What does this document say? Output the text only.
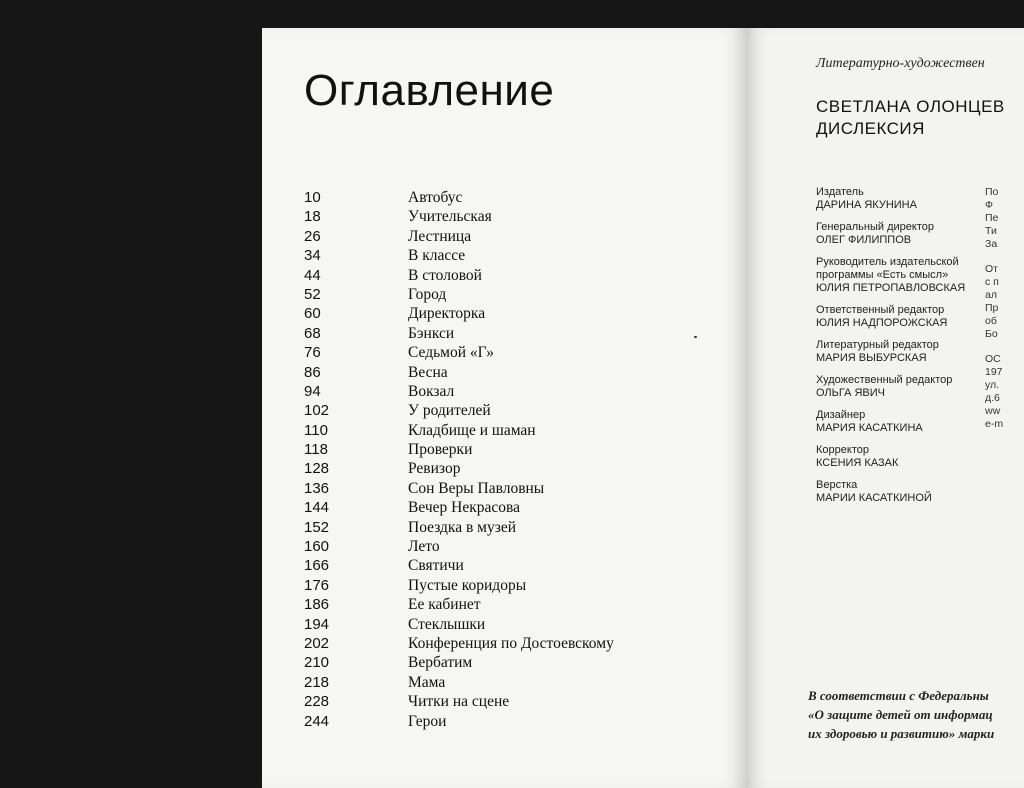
Литературно-художествен
СВЕТЛАНА ОЛОНЦЕВ
ДИСЛЕКСИЯ
Издатель
ДАРИНА ЯКУНИНА
Генеральный директор
ОЛЕГ ФИЛИППОВ
Руководитель издательской
программы «Есть смысл»
ЮЛИЯ ПЕТРОПАВЛОВСКАЯ
Ответственный редактор
ЮЛИЯ НАДПОРОЖСКАЯ
Литературный редактор
МАРИЯ ВЫБУРСКАЯ
Художественный редактор
ОЛЬГА ЯВИЧ
Дизайнер
МАРИЯ КАСАТКИНА
Корректор
КСЕНИЯ КАЗАК
Верстка
МАРИИ КАСАТКИНОЙ
По
Ф
Пе
Ти
За
От
с п
ал
Пр
об
Бо
ОС
197
ул.
д.6
ww
e-m
В соответствии с Федеральны
«О защите детей от информац
их здоровью и развитию» марки
Оглавление
10	Автобус
18	Учительская
26	Лестница
34	В классе
44	В столовой
52	Город
60	Директорка
68	Бэнкси
76	Седьмой «Г»
86	Весна
94	Вокзал
102	У родителей
110	Кладбище и шаман
118	Проверки
128	Ревизор
136	Сон Веры Павловны
144	Вечер Некрасова
152	Поездка в музей
160	Лето
166	Святичи
176	Пустые коридоры
186	Ее кабинет
194	Стеклышки
202	Конференция по Достоевскому
210	Вербатим
218	Мама
228	Читки на сцене
244	Герои
